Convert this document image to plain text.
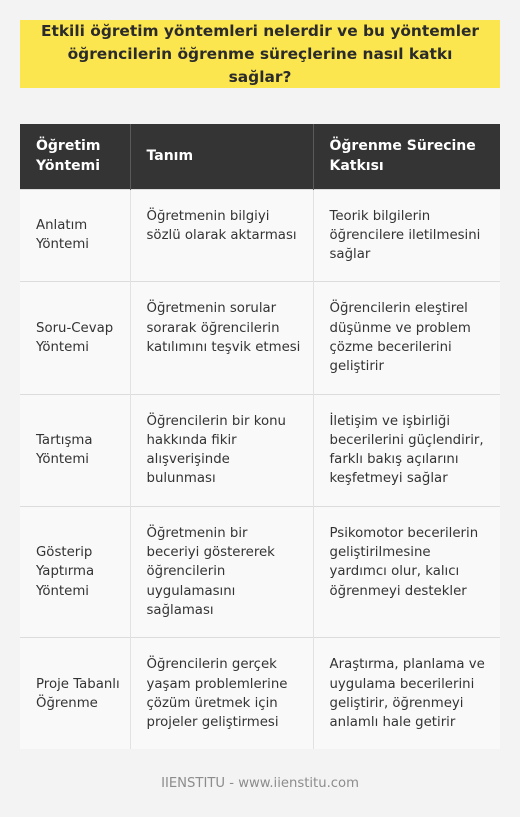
Etkili öğretim yöntemleri nelerdir ve bu yöntemler öğrencilerin öğrenme süreçlerine nasıl katkı sağlar?
Öğretim Yöntemi	Tanım	Öğrenme Sürecine Katkısı
Anlatım Yöntemi	Öğretmenin bilgiyi sözlü olarak aktarması	Teorik bilgilerin öğrencilere iletilmesini sağlar
Soru-Cevap Yöntemi	Öğretmenin sorular sorarak öğrencilerin katılımını teşvik etmesi	Öğrencilerin eleştirel düşünme ve problem çözme becerilerini geliştirir
Tartışma Yöntemi	Öğrencilerin bir konu hakkında fikir alışverişinde bulunması	İletişim ve işbirliği becerilerini güçlendirir, farklı bakış açılarını keşfetmeyi sağlar
Gösterip Yaptırma Yöntemi	Öğretmenin bir beceriyi göstererek öğrencilerin uygulamasını sağlaması	Psikomotor becerilerin geliştirilmesine yardımcı olur, kalıcı öğrenmeyi destekler
Proje Tabanlı Öğrenme	Öğrencilerin gerçek yaşam problemlerine çözüm üretmek için projeler geliştirmesi	Araştırma, planlama ve uygulama becerilerini geliştirir, öğrenmeyi anlamlı hale getirir
IIENSTITU - www.iienstitu.com
